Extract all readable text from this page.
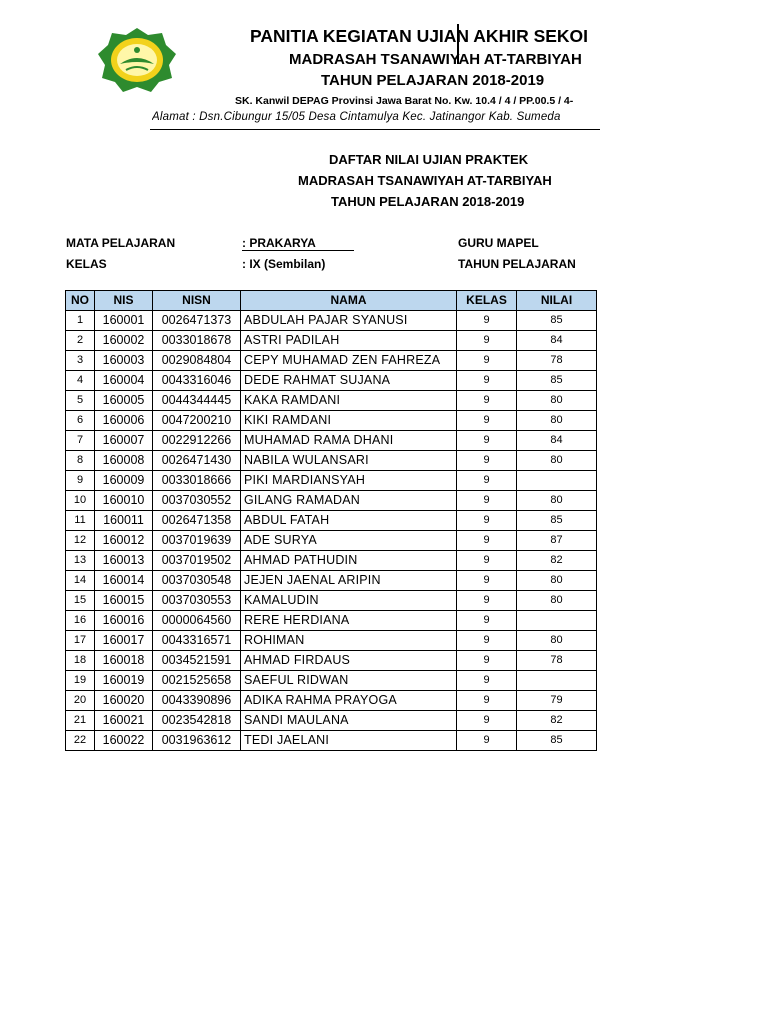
PANITIA KEGIATAN UJIAN AKHIR SEKOI
MADRASAH TSANAWIYAH AT-TARBIYAH
TAHUN PELAJARAN 2018-2019
SK. Kanwil DEPAG Provinsi Jawa Barat No. Kw. 10.4 / 4 / PP.00.5 / 4-
Alamat : Dsn.Cibungur 15/05 Desa Cintamulya Kec. Jatinangor Kab. Sumeda
DAFTAR NILAI UJIAN PRAKTEK
MADRASAH TSANAWIYAH AT-TARBIYAH
TAHUN PELAJARAN 2018-2019
MATA PELAJARAN	: PRAKARYA	GURU MAPEL
KELAS	: IX (Sembilan)	TAHUN PELAJARAN
NO	NIS	NISN	NAMA	KELAS	NILAI
1	160001	0026471373	ABDULAH PAJAR SYANUSI	9	85
2	160002	0033018678	ASTRI PADILAH	9	84
3	160003	0029084804	CEPY MUHAMAD ZEN FAHREZA	9	78
4	160004	0043316046	DEDE RAHMAT SUJANA	9	85
5	160005	0044344445	KAKA RAMDANI	9	80
6	160006	0047200210	KIKI RAMDANI	9	80
7	160007	0022912266	MUHAMAD RAMA DHANI	9	84
8	160008	0026471430	NABILA WULANSARI	9	80
9	160009	0033018666	PIKI MARDIANSYAH	9	
10	160010	0037030552	GILANG RAMADAN	9	80
11	160011	0026471358	ABDUL FATAH	9	85
12	160012	0037019639	ADE SURYA	9	87
13	160013	0037019502	AHMAD PATHUDIN	9	82
14	160014	0037030548	JEJEN JAENAL ARIPIN	9	80
15	160015	0037030553	KAMALUDIN	9	80
16	160016	0000064560	RERE HERDIANA	9	
17	160017	0043316571	ROHIMAN	9	80
18	160018	0034521591	AHMAD FIRDAUS	9	78
19	160019	0021525658	SAEFUL RIDWAN	9	
20	160020	0043390896	ADIKA RAHMA PRAYOGA	9	79
21	160021	0023542818	SANDI MAULANA	9	82
22	160022	0031963612	TEDI JAELANI	9	85
